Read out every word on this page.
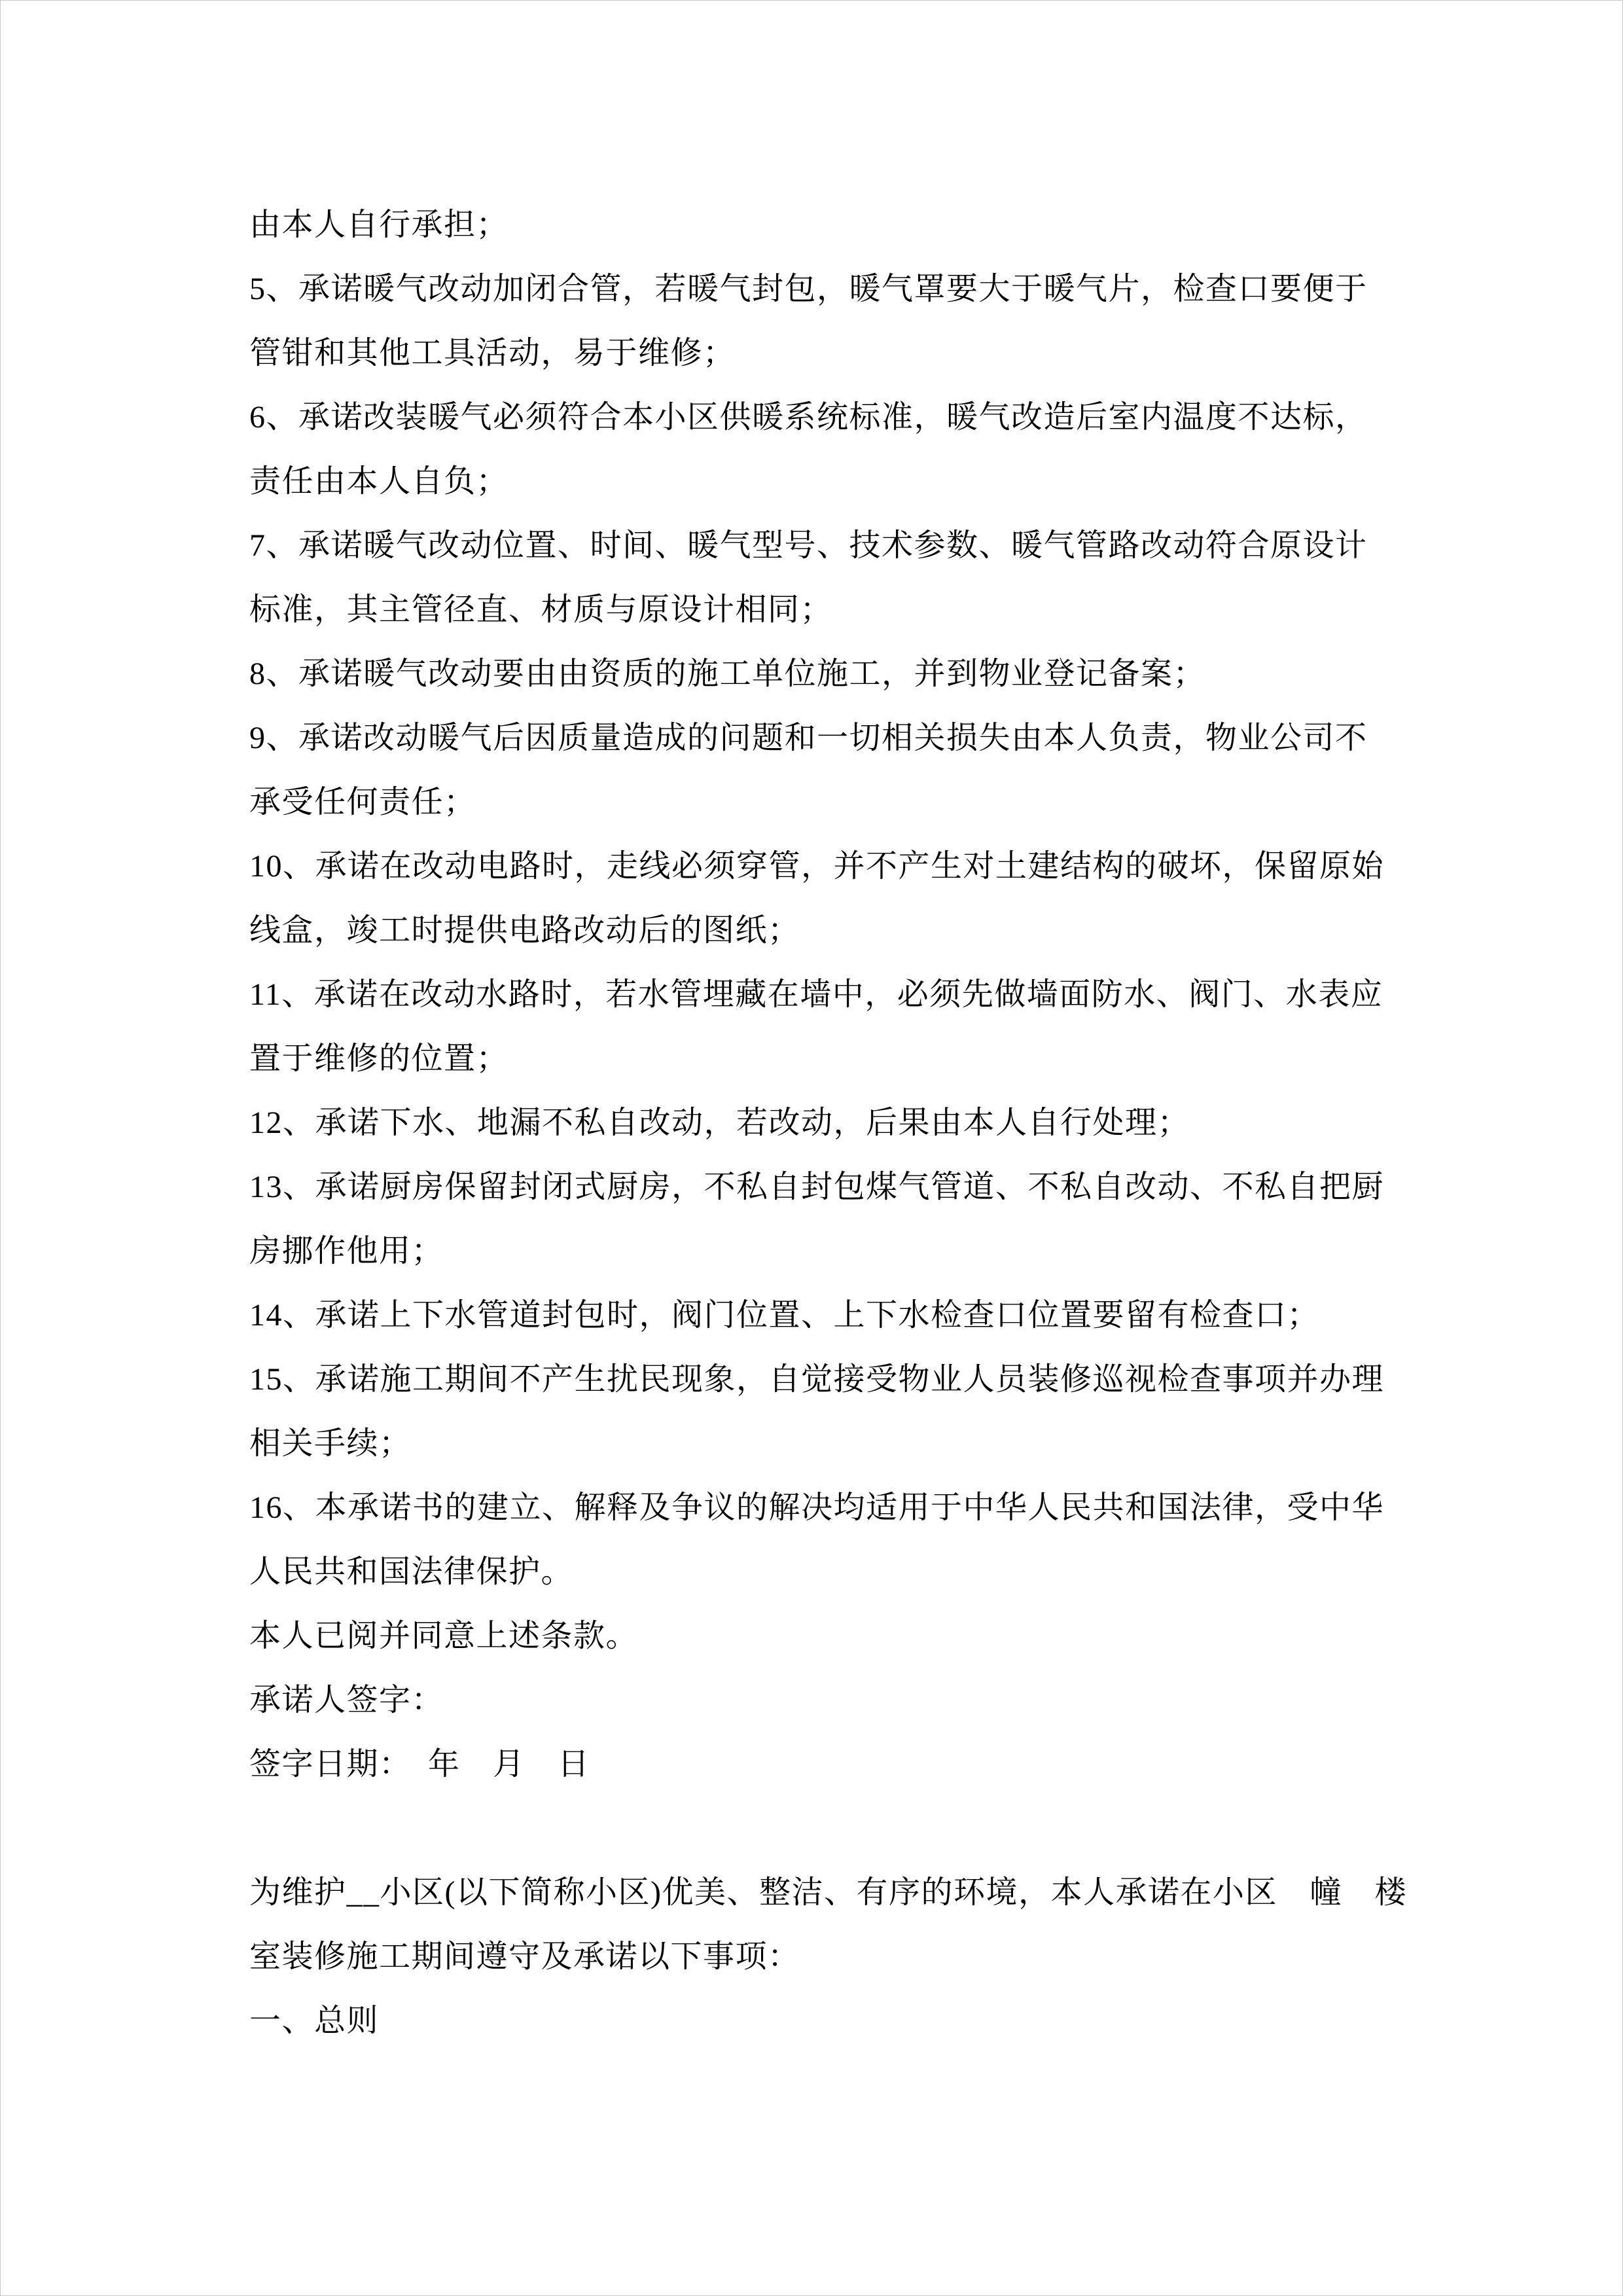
由本人自行承担；
5、承诺暖气改动加闭合管，若暖气封包，暖气罩要大于暖气片，检查口要便于
管钳和其他工具活动，易于维修；
6、承诺改装暖气必须符合本小区供暖系统标准，暖气改造后室内温度不达标，
责任由本人自负；
7、承诺暖气改动位置、时间、暖气型号、技术参数、暖气管路改动符合原设计
标准，其主管径直、材质与原设计相同；
8、承诺暖气改动要由由资质的施工单位施工，并到物业登记备案；
9、承诺改动暖气后因质量造成的问题和一切相关损失由本人负责，物业公司不
承受任何责任；
10、承诺在改动电路时，走线必须穿管，并不产生对土建结构的破坏，保留原始
线盒，竣工时提供电路改动后的图纸；
11、承诺在改动水路时，若水管埋藏在墙中，必须先做墙面防水、阀门、水表应
置于维修的位置；
12、承诺下水、地漏不私自改动，若改动，后果由本人自行处理；
13、承诺厨房保留封闭式厨房，不私自封包煤气管道、不私自改动、不私自把厨
房挪作他用；
14、承诺上下水管道封包时，阀门位置、上下水检查口位置要留有检查口；
15、承诺施工期间不产生扰民现象，自觉接受物业人员装修巡视检查事项并办理
相关手续；
16、本承诺书的建立、解释及争议的解决均适用于中华人民共和国法律，受中华
人民共和国法律保护。
本人已阅并同意上述条款。
承诺人签字：
签字日期：　年　月　日
为维护__小区(以下简称小区)优美、整洁、有序的环境，本人承诺在小区　幢　楼
室装修施工期间遵守及承诺以下事项：
一、总则
